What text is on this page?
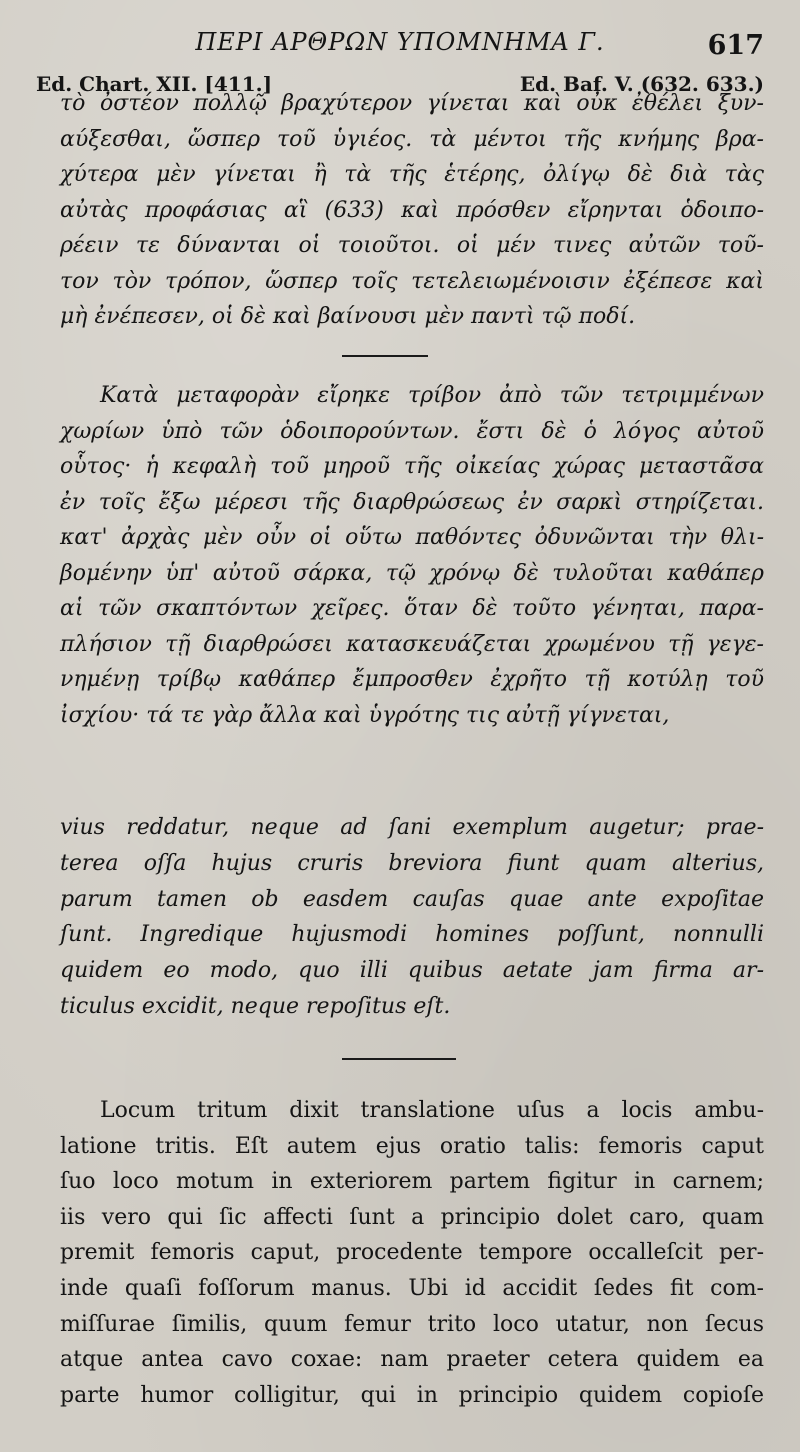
ΠΕΡΙ ΑΡΘΡΩΝ ΥΠΟΜΝΗΜΑ Γ.	617
Ed. Chart. XII. [411.]	Ed. Baf. V. (632. 633.)
τὸ ὀστέον πολλῷ βραχύτερον γίνεται καὶ οὐκ ἐθέλει ξυν-
αύξεσθαι, ὥσπερ τοῦ ὑγιέος. τὰ μέντοι τῆς κνήμης βρα-
χύτερα μὲν γίνεται ἢ τὰ τῆς ἑτέρης, ὀλίγῳ δὲ διὰ τὰς
αὐτὰς προφάσιας αἳ (633) καὶ πρόσθεν εἴρηνται ὁδοιπο-
ρέειν τε δύνανται οἱ τοιοῦτοι. οἱ μέν τινες αὐτῶν τοῦ-
τον τὸν τρόπον, ὥσπερ τοῖς τετελειωμένοισιν ἐξέπεσε καὶ
μὴ ἐνέπεσεν, οἱ δὲ καὶ βαίνουσι μὲν παντὶ τῷ ποδί.
Κατὰ μεταφορὰν εἴρηκε τρίβον ἀπὸ τῶν τετριμμένων
χωρίων ὑπὸ τῶν ὁδοιπορούντων. ἔστι δὲ ὁ λόγος αὐτοῦ
οὗτος· ἡ κεφαλὴ τοῦ μηροῦ τῆς οἰκείας χώρας μεταστᾶσα
ἐν τοῖς ἔξω μέρεσι τῆς διαρθρώσεως ἐν σαρκὶ στηρίζεται.
κατ' ἀρχὰς μὲν οὖν οἱ οὕτω παθόντες ὀδυνῶνται τὴν θλι-
βομένην ὑπ' αὐτοῦ σάρκα, τῷ χρόνῳ δὲ τυλοῦται καθάπερ
αἱ τῶν σκαπτόντων χεῖρες. ὅταν δὲ τοῦτο γένηται, παρα-
πλήσιον τῇ διαρθρώσει κατασκευάζεται χρωμένου τῇ γεγε-
νημένῃ τρίβῳ καθάπερ ἔμπροσθεν ἐχρῆτο τῇ κοτύλῃ τοῦ
ἰσχίου· τά τε γὰρ ἄλλα καὶ ὑγρότης τις αὐτῇ γίγνεται,
vius reddatur, neque ad ſani exemplum augetur; prae-
terea oſſa hujus cruris breviora fiunt quam alterius,
parum tamen ob easdem cauſas quae ante expoſitae
ſunt. Ingredique hujusmodi homines poſſunt, nonnulli
quidem eo modo, quo illi quibus aetate jam firma ar-
ticulus excidit, neque repoſitus eſt.
Locum tritum dixit translatione uſus a locis ambu-
latione tritis. Eſt autem ejus oratio talis: femoris caput
ſuo loco motum in exteriorem partem figitur in carnem;
iis vero qui ſic affecti ſunt a principio dolet caro, quam
premit femoris caput, procedente tempore occalleſcit per-
inde quaſi foſſorum manus. Ubi id accidit ſedes fit com-
miſſurae ſimilis, quum femur trito loco utatur, non ſecus
atque antea cavo coxae: nam praeter cetera quidem ea
parte humor colligitur, qui in principio quidem copioſe
